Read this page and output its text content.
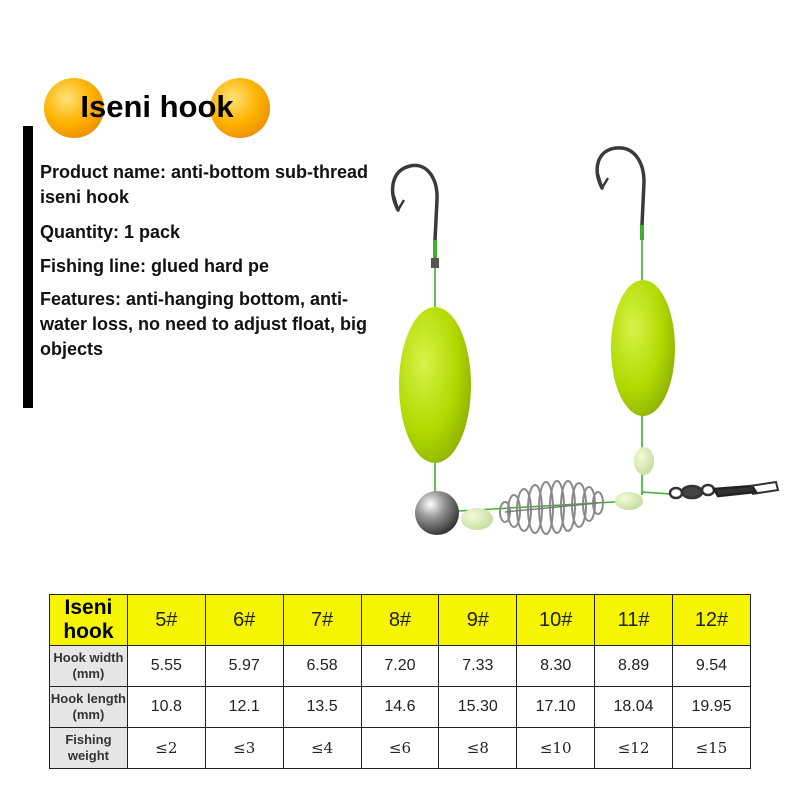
Iseni hook

Product name: anti-bottom sub-thread iseni hook

Quantity: 1 pack

Fishing line: glued hard pe

Features: anti-hanging bottom, anti-water loss, no need to adjust float, big objects

Iseni hook	5#	6#	7#	8#	9#	10#	11#	12#
Hook width (mm)	5.55	5.97	6.58	7.20	7.33	8.30	8.89	9.54
Hook length (mm)	10.8	12.1	13.5	14.6	15.30	17.10	18.04	19.95
Fishing weight	≤2	≤3	≤4	≤6	≤8	≤10	≤12	≤15
